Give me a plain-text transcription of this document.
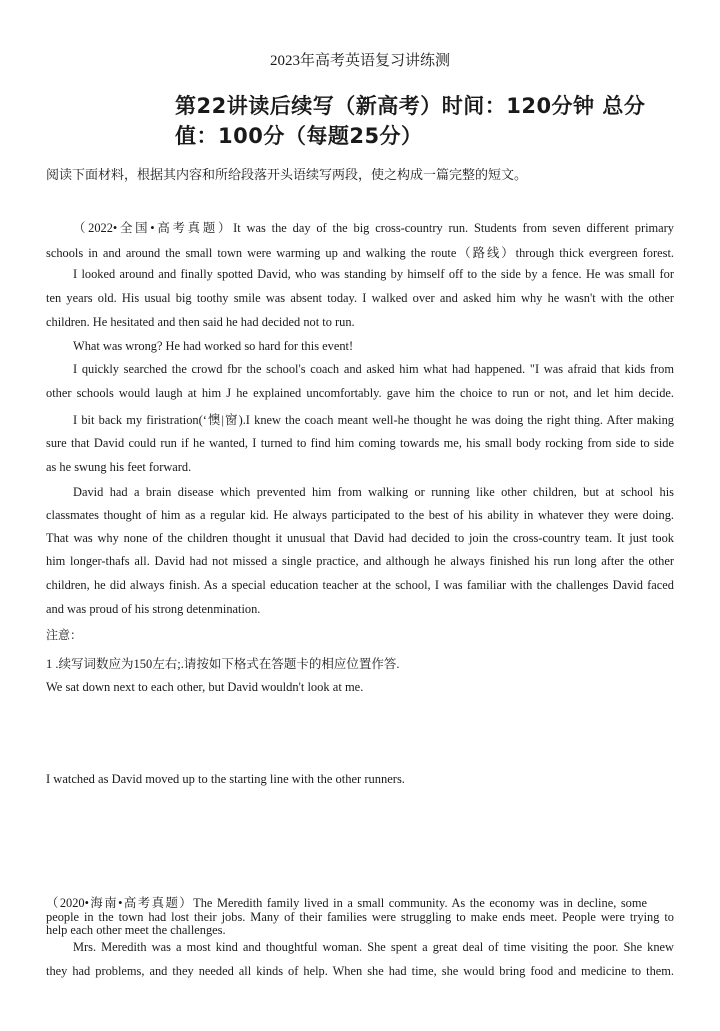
2023年高考英语复习讲练测
第22讲读后续写（新高考）时间：120分钟 总分
值：100分（每题25分）
阅读下面材料，根据其内容和所给段落开头语续写两段，使之构成一篇完整的短文。
（2022•全国•高考真题）It was the day of the big cross-country run. Students from seven different primary
schools in and around the small town were warming up and walking the route（路线）through thick evergreen forest.
I looked around and finally spotted David, who was standing by himself off to the side by a fence. He was small for
ten years old. His usual big toothy smile was absent today. I walked over and asked him why he wasn't with the other
children. He hesitated and then said he had decided not to run.
What was wrong? He had worked so hard for this event!
I quickly searched the crowd fbr the school's coach and asked him what had happened. "I was afraid that kids from
other schools would laugh at him J he explained uncomfortably. gave him the choice to run or not, and let him decide.
I bit back my firistration(‘懊|窗).I knew the coach meant well-he thought he was doing the right thing. After making
sure that David could run if he wanted, I turned to find him coming towards me, his small body rocking from side to side
as he swung his feet forward.
David had a brain disease which prevented him from walking or running like other children, but at school his
classmates thought of him as a regular kid. He always participated to the best of his ability in whatever they were doing.
That was why none of the children thought it unusual that David had decided to join the cross-country team. It just took
him longer-thafs all. David had not missed a single practice, and although he always finished his run long after the other
children, he did always finish. As a special education teacher at the school, I was familiar with the challenges David faced
and was proud of his strong detenmination.
注意：
1 .续写词数应为150左右;.请按如下格式在答题卡的相应位置作答.
We sat down next to each other, but David wouldn't look at me.
I watched as David moved up to the starting line with the other runners.
（2020•海南•高考真题）The Meredith family lived in a small community. As the economy was in decline, some
people in the town had lost their jobs. Many of their families were struggling to make ends meet. People were trying to
help each other meet the challenges.
Mrs. Meredith was a most kind and thoughtful woman. She spent a great deal of time visiting the poor. She knew
they had problems, and they needed all kinds of help. When she had time, she would bring food and medicine to them.
